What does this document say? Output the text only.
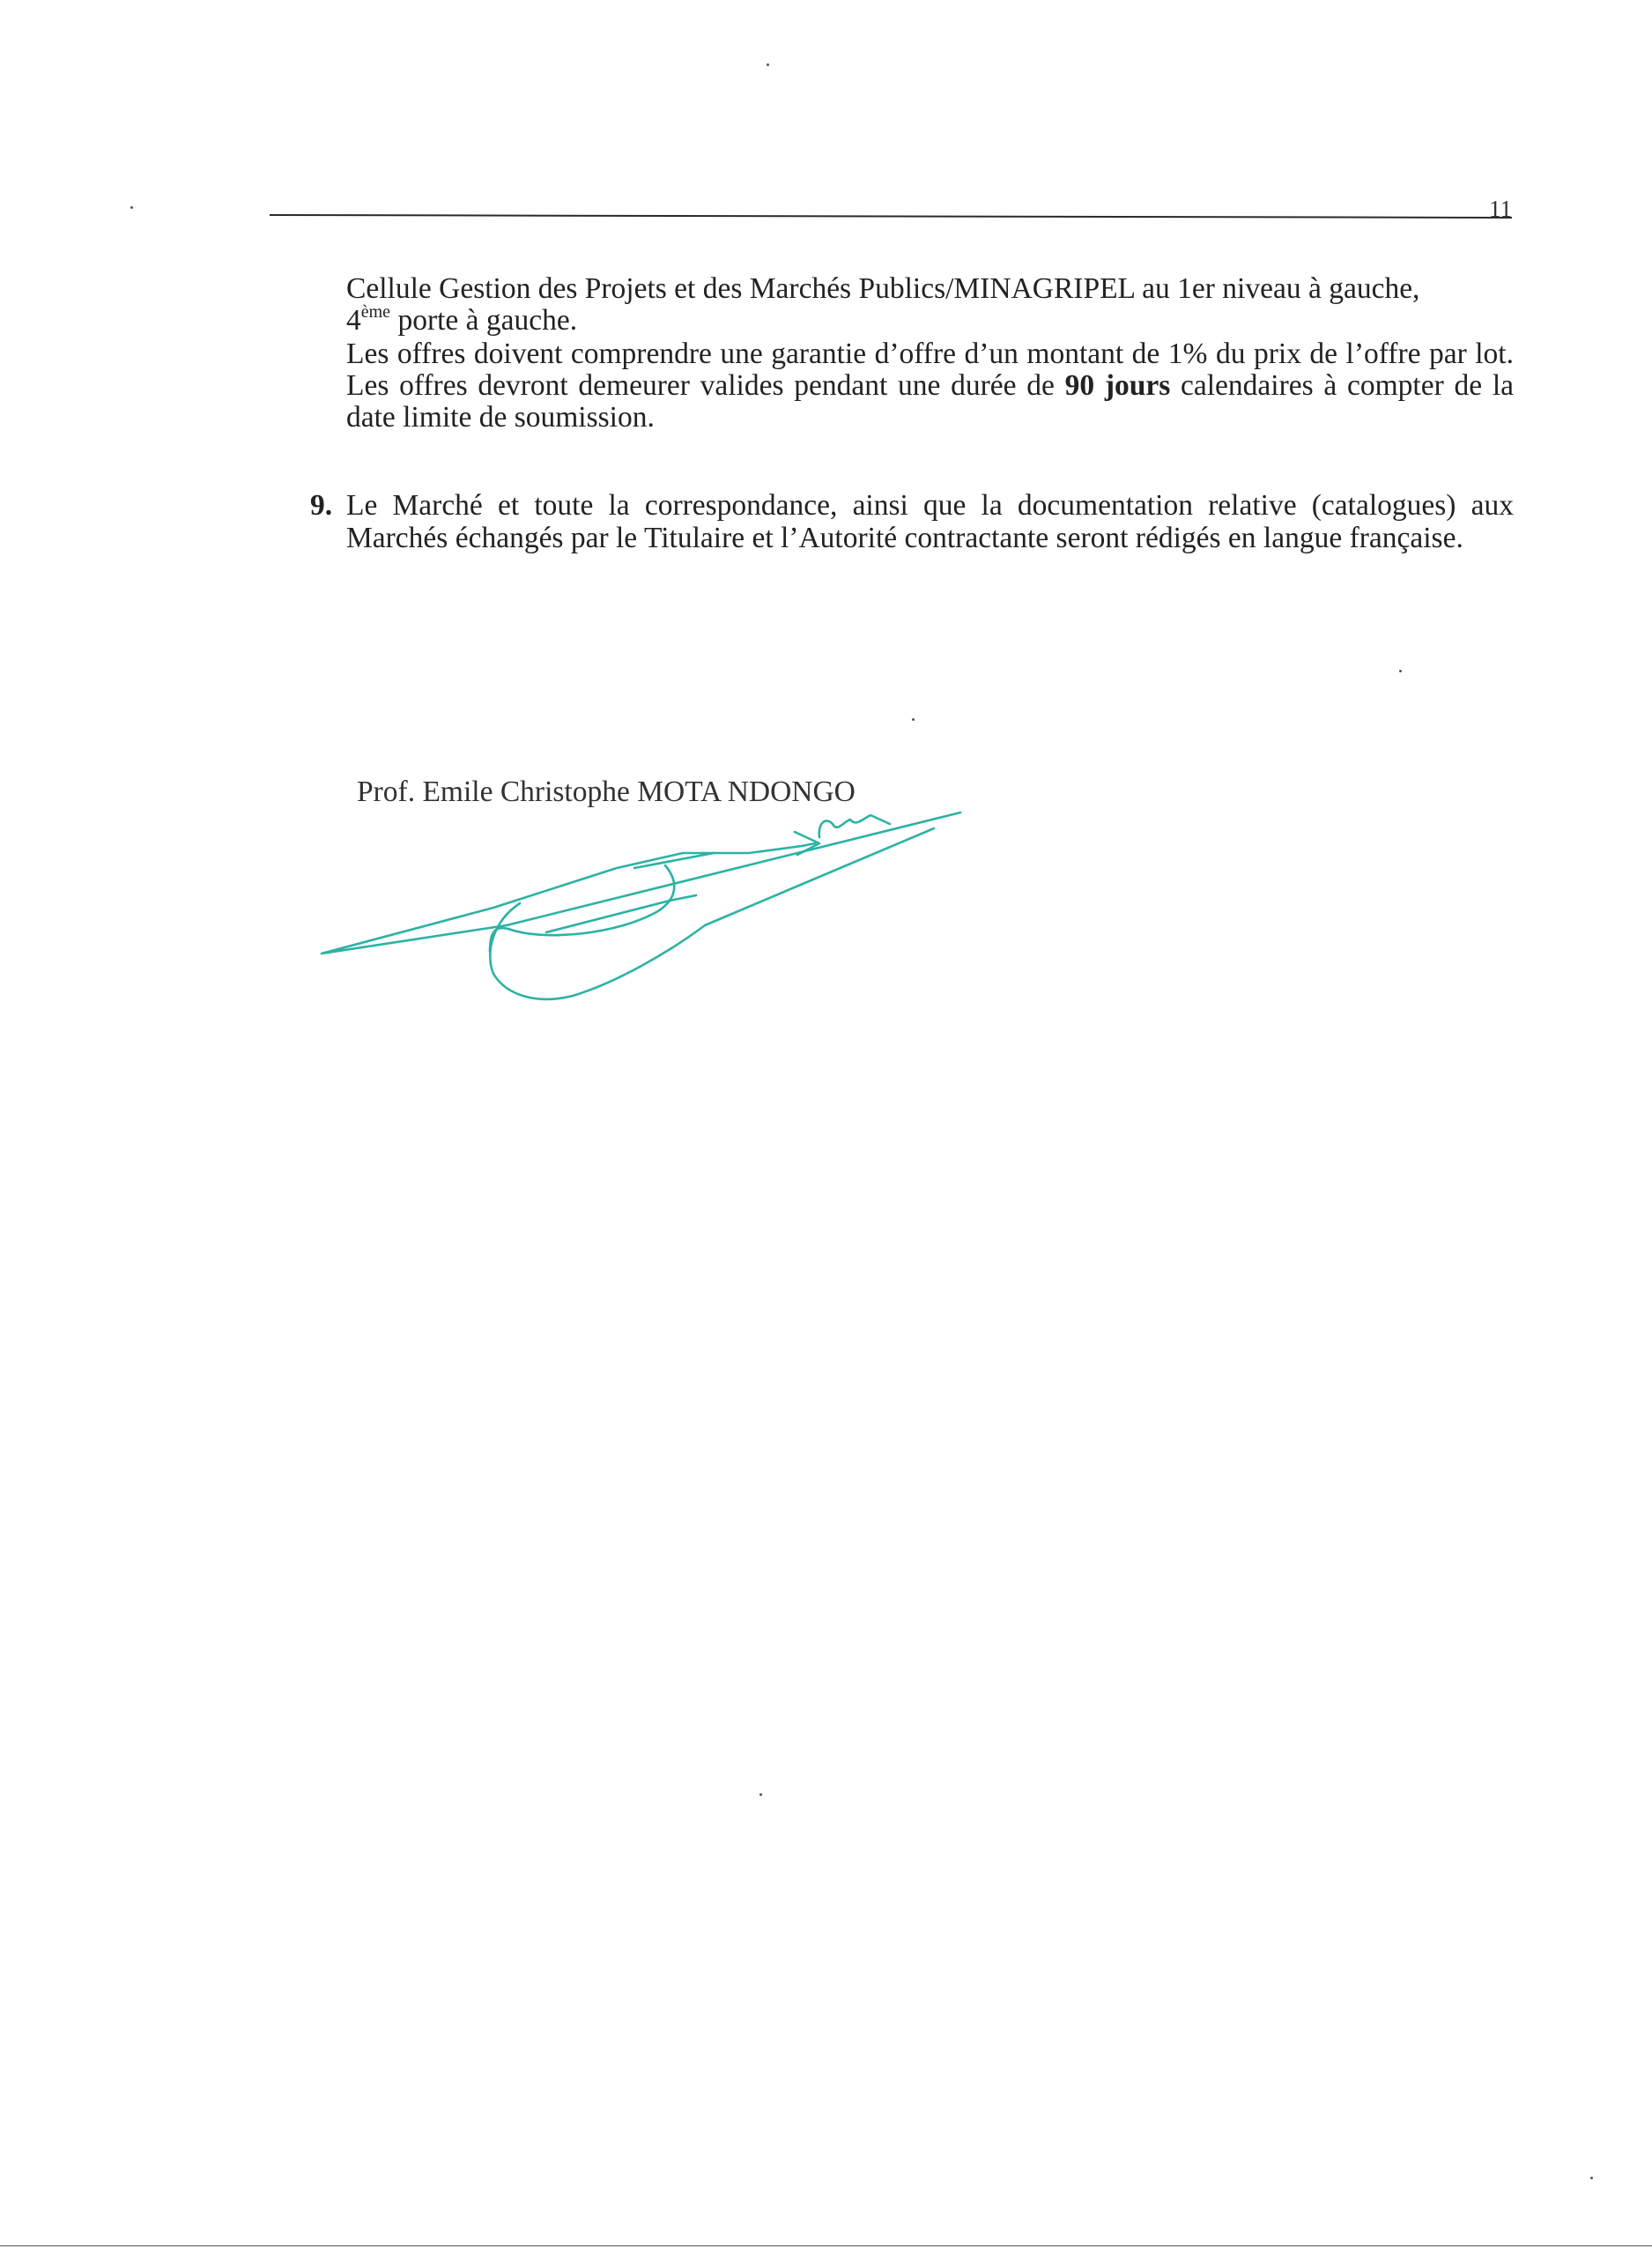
11

Cellule Gestion des Projets et des Marchés Publics/MINAGRIPEL au 1er niveau à gauche,
4ème porte à gauche.

Les offres doivent comprendre une garantie d’offre d’un montant de 1% du prix de l’offre par lot. Les offres devront demeurer valides pendant une durée de 90 jours calendaires à compter de la date limite de soumission.

9. Le Marché et toute la correspondance, ainsi que la documentation relative (catalogues) aux Marchés échangés par le Titulaire et l’Autorité contractante seront rédigés en langue française.
Prof. Emile Christophe MOTA NDONGO
